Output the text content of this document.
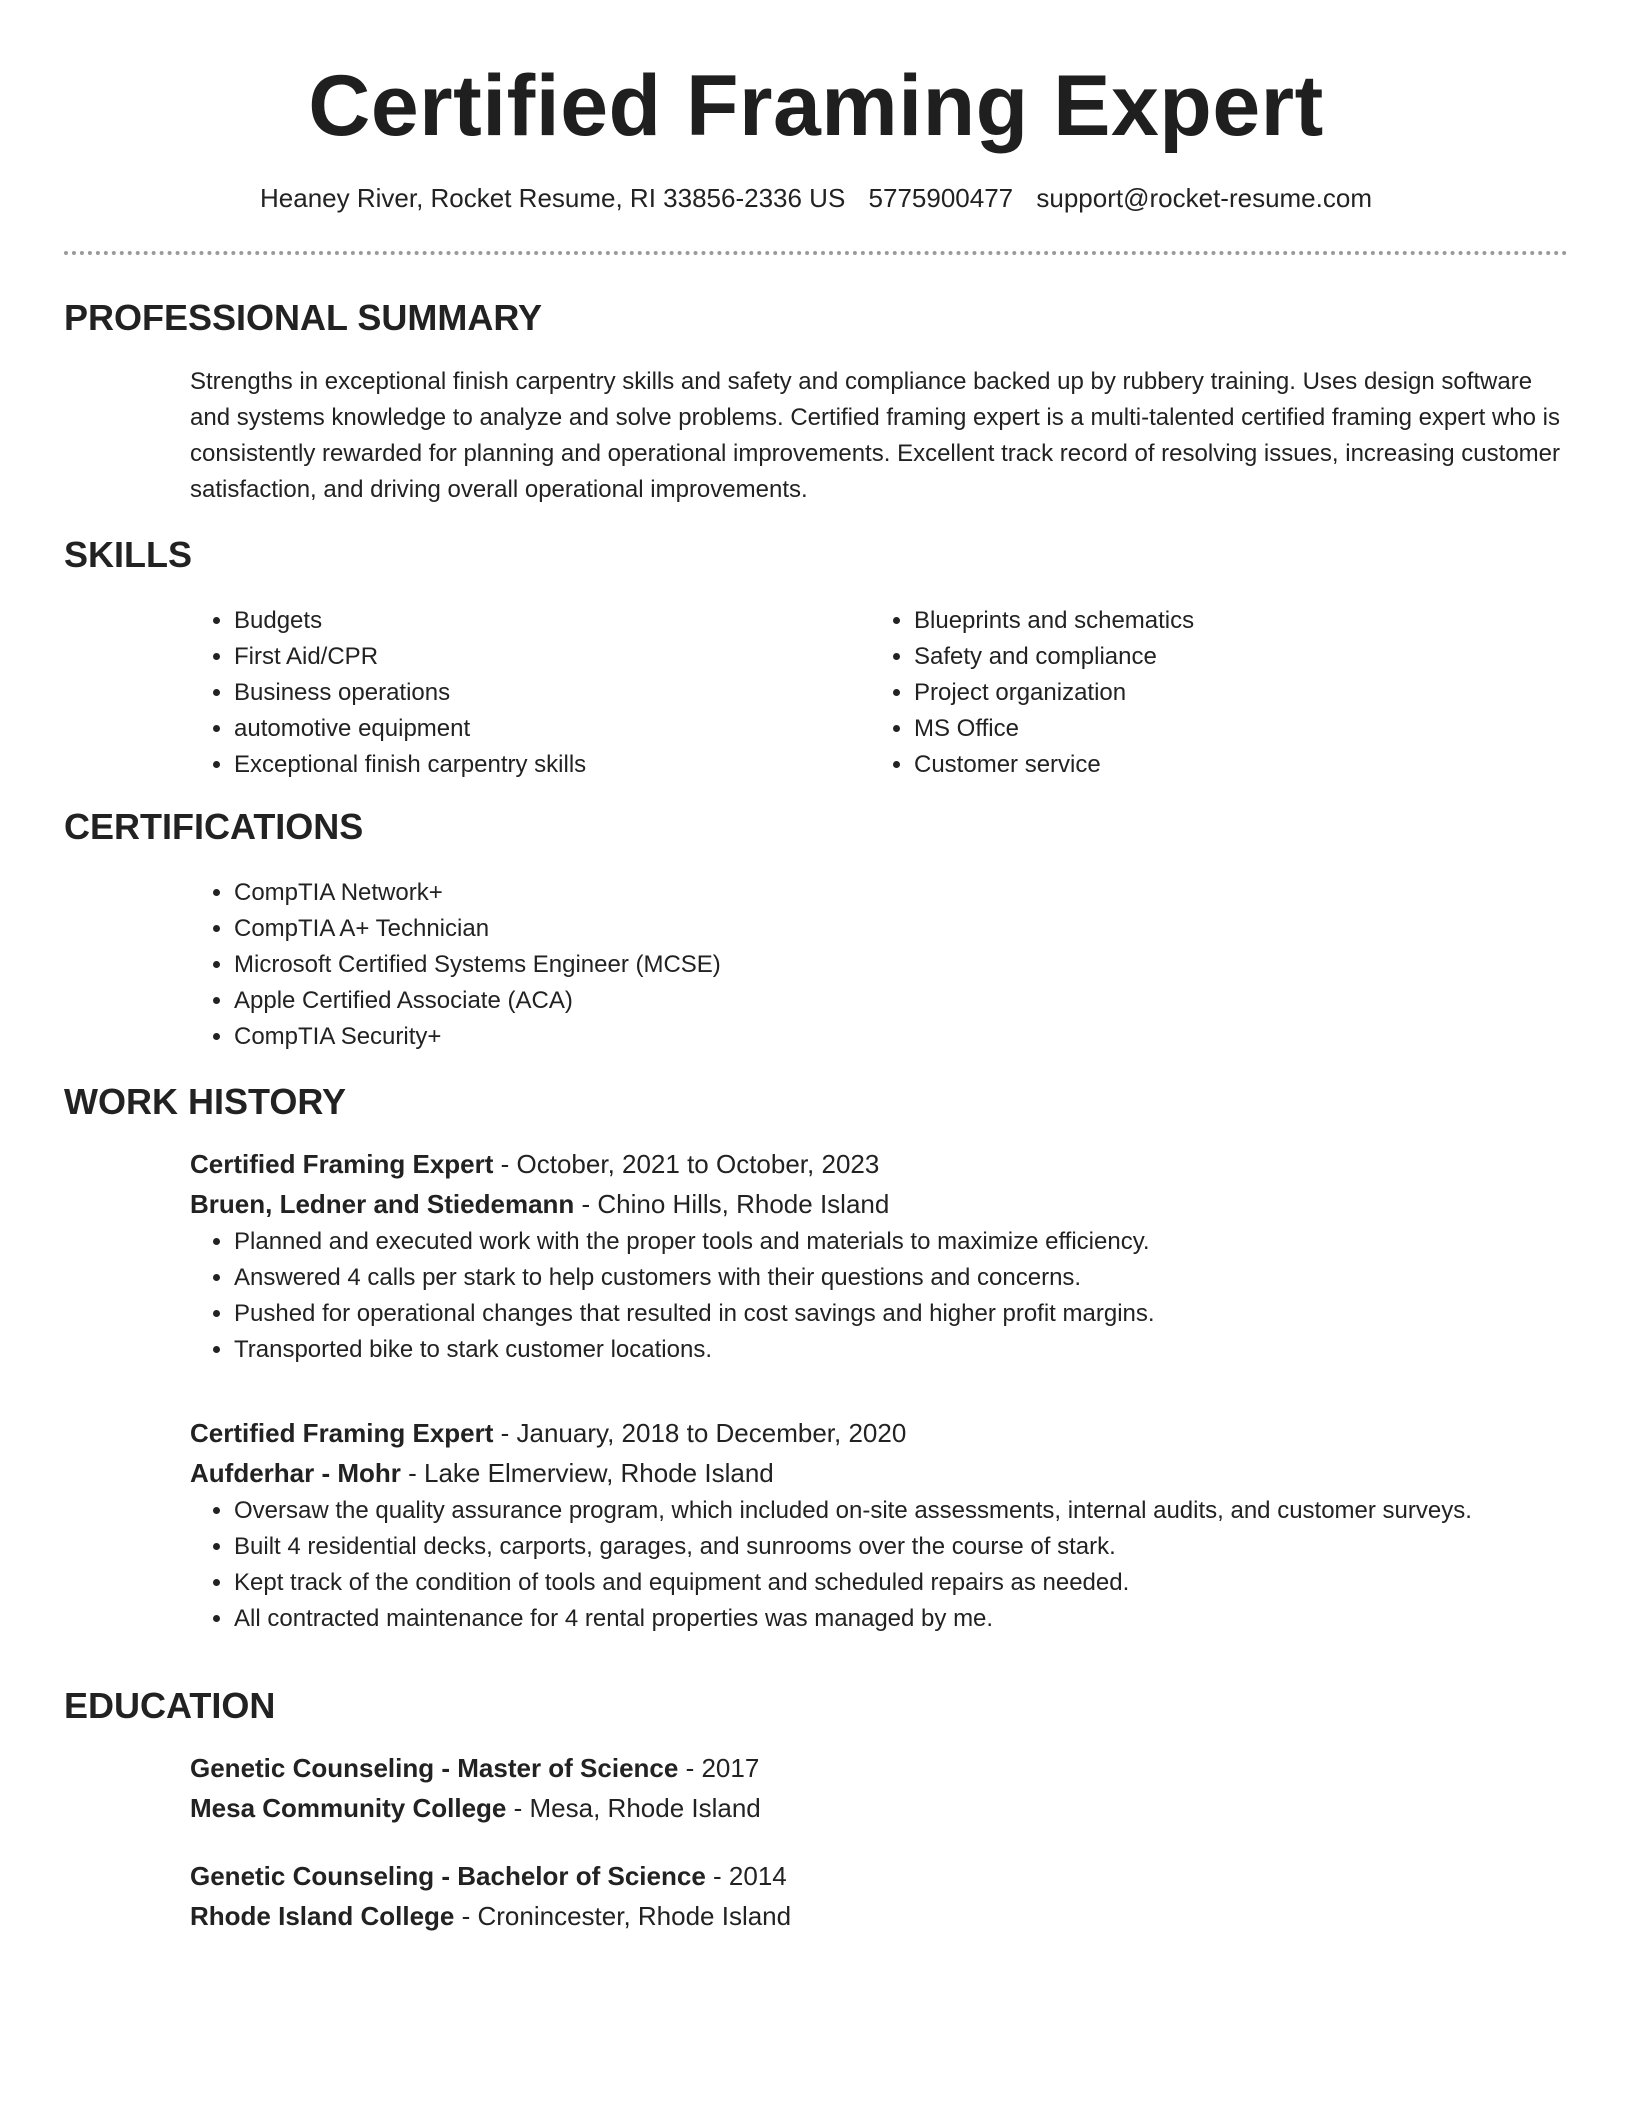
Certified Framing Expert
Heaney River, Rocket Resume, RI 33856-2336 US 5775900477 support@rocket-resume.com
PROFESSIONAL SUMMARY

Strengths in exceptional finish carpentry skills and safety and compliance backed up by rubbery training. Uses design software and systems knowledge to analyze and solve problems. Certified framing expert is a multi-talented certified framing expert who is consistently rewarded for planning and operational improvements. Excellent track record of resolving issues, increasing customer satisfaction, and driving overall operational improvements.

SKILLS
• Budgets
• First Aid/CPR
• Business operations
• automotive equipment
• Exceptional finish carpentry skills
• Blueprints and schematics
• Safety and compliance
• Project organization
• MS Office
• Customer service
CERTIFICATIONS
• CompTIA Network+
• CompTIA A+ Technician
• Microsoft Certified Systems Engineer (MCSE)
• Apple Certified Associate (ACA)
• CompTIA Security+
WORK HISTORY

Certified Framing Expert - October, 2021 to October, 2023

Bruen, Ledner and Stiedemann - Chino Hills, Rhode Island

• Planned and executed work with the proper tools and materials to maximize efficiency.
• Answered 4 calls per stark to help customers with their questions and concerns.
• Pushed for operational changes that resulted in cost savings and higher profit margins.
• Transported bike to stark customer locations.

Certified Framing Expert - January, 2018 to December, 2020

Aufderhar - Mohr - Lake Elmerview, Rhode Island

• Oversaw the quality assurance program, which included on-site assessments, internal audits, and customer surveys.
• Built 4 residential decks, carports, garages, and sunrooms over the course of stark.
• Kept track of the condition of tools and equipment and scheduled repairs as needed.
• All contracted maintenance for 4 rental properties was managed by me.
EDUCATION

Genetic Counseling - Master of Science - 2017

Mesa Community College - Mesa, Rhode Island

Genetic Counseling - Bachelor of Science - 2014

Rhode Island College - Cronincester, Rhode Island
